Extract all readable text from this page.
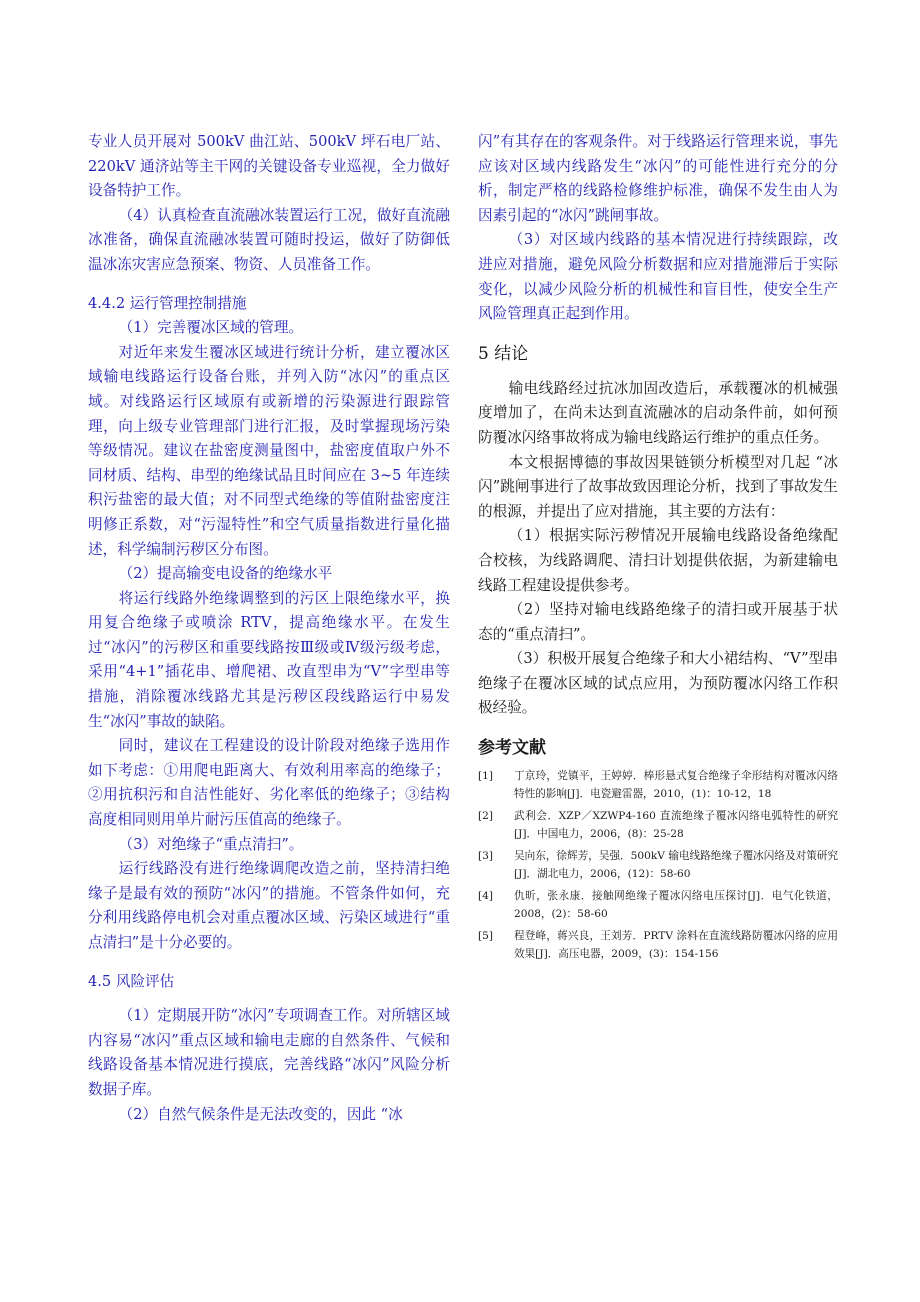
专业人员开展对 500kV 曲江站、500kV 坪石电厂站、220kV 通济站等主干网的关键设备专业巡视，全力做好设备特护工作。

（4）认真检查直流融冰装置运行工况，做好直流融冰准备，确保直流融冰装置可随时投运，做好了防御低温冰冻灾害应急预案、物资、人员准备工作。

4.4.2 运行管理控制措施

（1）完善覆冰区域的管理。

对近年来发生覆冰区域进行统计分析，建立覆冰区域输电线路运行设备台账，并列入防“冰闪”的重点区域。对线路运行区域原有或新增的污染源进行跟踪管理，向上级专业管理部门进行汇报，及时掌握现场污染等级情况。建议在盐密度测量图中，盐密度值取户外不同材质、结构、串型的绝缘试品且时间应在 3~5 年连续积污盐密的最大值；对不同型式绝缘的等值附盐密度注明修正系数，对“污湿特性”和空气质量指数进行量化描述，科学编制污秽区分布图。

（2）提高输变电设备的绝缘水平

将运行线路外绝缘调整到的污区上限绝缘水平，换用复合绝缘子或喷涂 RTV，提高绝缘水平。在发生过“冰闪”的污秽区和重要线路按Ⅲ级或Ⅳ级污级考虑，采用“4+1”插花串、增爬裙、改直型串为“V”字型串等措施，消除覆冰线路尤其是污秽区段线路运行中易发生“冰闪”事故的缺陷。

同时，建议在工程建设的设计阶段对绝缘子选用作如下考虑：①用爬电距离大、有效利用率高的绝缘子；②用抗积污和自洁性能好、劣化率低的绝缘子；③结构高度相同则用单片耐污压值高的绝缘子。

（3）对绝缘子“重点清扫”。

运行线路没有进行绝缘调爬改造之前，坚持清扫绝缘子是最有效的预防“冰闪”的措施。不管条件如何，充分利用线路停电机会对重点覆冰区域、污染区域进行“重点清扫”是十分必要的。

4.5 风险评估

（1）定期展开防“冰闪”专项调查工作。对所辖区域内容易“冰闪”重点区域和输电走廊的自然条件、气候和线路设备基本情况进行摸底，完善线路“冰闪”风险分析数据子库。

（2）自然气候条件是无法改变的，因此 “冰

闪”有其存在的客观条件。对于线路运行管理来说，事先应该对区域内线路发生“冰闪”的可能性进行充分的分析，制定严格的线路检修维护标准，确保不发生由人为因素引起的“冰闪”跳闸事故。

（3）对区域内线路的基本情况进行持续跟踪，改进应对措施，避免风险分析数据和应对措施滞后于实际变化，以减少风险分析的机械性和盲目性，使安全生产风险管理真正起到作用。

5 结论

输电线路经过抗冰加固改造后，承载覆冰的机械强度增加了，在尚未达到直流融冰的启动条件前，如何预防覆冰闪络事故将成为输电线路运行维护的重点任务。

本文根据博德的事故因果链锁分析模型对几起 “冰闪”跳闸事进行了故事故致因理论分析，找到了事故发生的根源，并提出了应对措施，其主要的方法有：

（1）根据实际污秽情况开展输电线路设备绝缘配合校核，为线路调爬、清扫计划提供依据，为新建输电线路工程建设提供参考。

（2）坚持对输电线路绝缘子的清扫或开展基于状态的“重点清扫”。

（3）积极开展复合绝缘子和大小裙结构、“V”型串绝缘子在覆冰区域的试点应用，为预防覆冰闪络工作积极经验。

参考文献
[1]	丁京玲，党镇平，王婷婷．棒形悬式复合绝缘子伞形结构对覆冰闪络特性的影响[J]．电瓷避雷器，2010，(1)：10-12，18
[2]	武利会．XZP／XZWP4-160 直流绝缘子覆冰闪络电弧特性的研究[J]．中国电力，2006，(8)：25-28
[3]	吴向东，徐辉芳，吴强．500kV 输电线路绝缘子覆冰闪络及对策研究[J]．湖北电力，2006，(12)：58-60
[4]	仇昕，张永康．接触网绝缘子覆冰闪络电压探讨[J]．电气化铁道，2008，(2)：58-60
[5]	程登峰，蒋兴良，王刘芳．PRTV 涂料在直流线路防覆冰闪络的应用效果[J]．高压电器，2009，(3)：154-156
